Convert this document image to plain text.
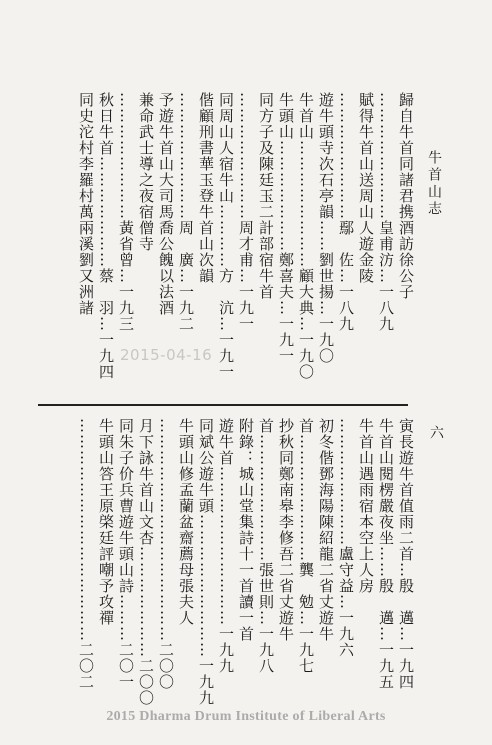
牛首山志
六
歸自牛首同諸君携酒訪徐公子
……………………皇甫汸…一八九
賦得牛首山送周山人遊金陵
……………………鄢　佐…一八九
遊牛頭寺次石亭韻……劉世揚…一九〇
牛首山……………………顧大典…一九〇
牛頭山…………………鄭喜夫…一九一
同方子及陳廷玉二計部宿牛首
……………………周才甫…一九一
同周山人宿牛山…………方　沆…一九一
偕顧刑書華玉登牛首山次韻
……………………周　廣…一九二
予遊牛首山大司馬喬公餽以法酒
兼命武士導之夜宿僧寺
……………………黃省曾…一九三
秋日牛首…………………蔡　羽…一九四
同史沱村李羅村萬兩溪劉又洲諸
2015-04-16
寅長遊牛首值雨二首…殷　邁…一九四
牛首山閱楞嚴夜坐……殷　邁…一九五
牛首山遇雨宿本空上人房
……………………盧守益…一九六
初冬偕鄧海陽陳紹龍二省丈遊牛
首……………………龔　勉…一九七
抄秋同鄭南皋李修吾二省丈遊牛
首……………………張世則…一九八
附錄：城山堂集詩十一首讀一首
遊牛首…………………………一九九
同斌公遊牛頭………………………一九九
牛頭山修孟蘭盆齋薦母張夫人
……………………………………二〇〇
月下詠牛首山文杏…………………二〇〇
同朱子价兵曹遊牛頭山詩………二〇一
牛頭山答王原棨廷評嘲予攻禪
……………………………………二〇二
2015 Dharma Drum Institute of Liberal Arts
